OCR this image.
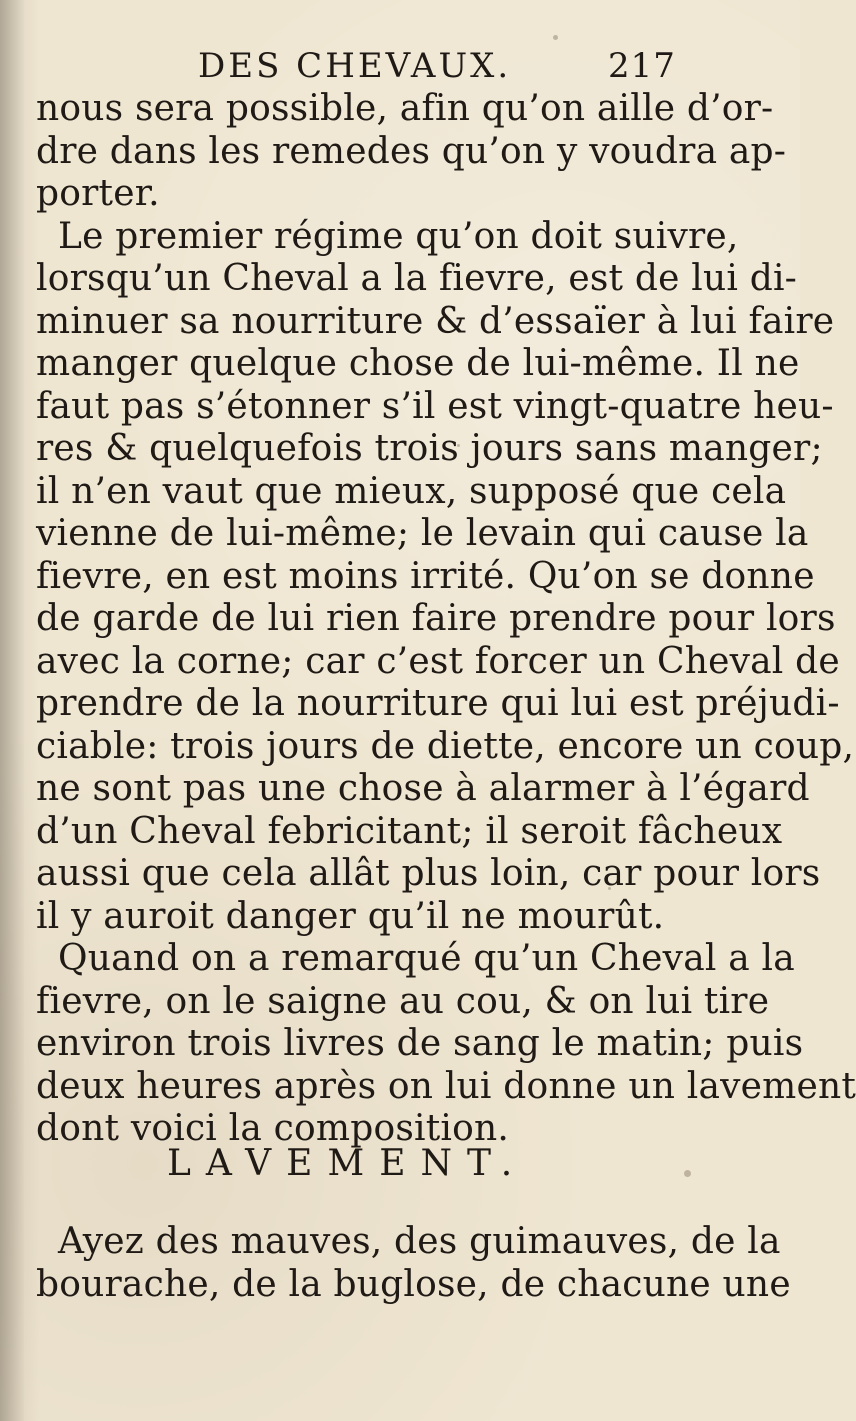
DES CHEVAUX.	217
nous sera possible, afin qu’on aille d’or-
dre dans les remedes qu’on y voudra ap-
porter.
Le premier régime qu’on doit suivre,
lorsqu’un Cheval a la fievre, est de lui di-
minuer sa nourriture & d’essaïer à lui faire
manger quelque chose de lui-même. Il ne
faut pas s’étonner s’il est vingt-quatre heu-
res & quelquefois trois jours sans manger;
il n’en vaut que mieux, supposé que cela
vienne de lui-même; le levain qui cause la
fievre, en est moins irrité. Qu’on se donne
de garde de lui rien faire prendre pour lors
avec la corne; car c’est forcer un Cheval de
prendre de la nourriture qui lui est préjudi-
ciable: trois jours de diette, encore un coup,
ne sont pas une chose à alarmer à l’égard
d’un Cheval febricitant; il seroit fâcheux
aussi que cela allât plus loin, car pour lors
il y auroit danger qu’il ne mourût.
Quand on a remarqué qu’un Cheval a la
fievre, on le saigne au cou, & on lui tire
environ trois livres de sang le matin; puis
deux heures après on lui donne un lavement
dont voici la composition.
LAVEMENT.
Ayez des mauves, des guimauves, de la
bourache, de la buglose, de chacune une
